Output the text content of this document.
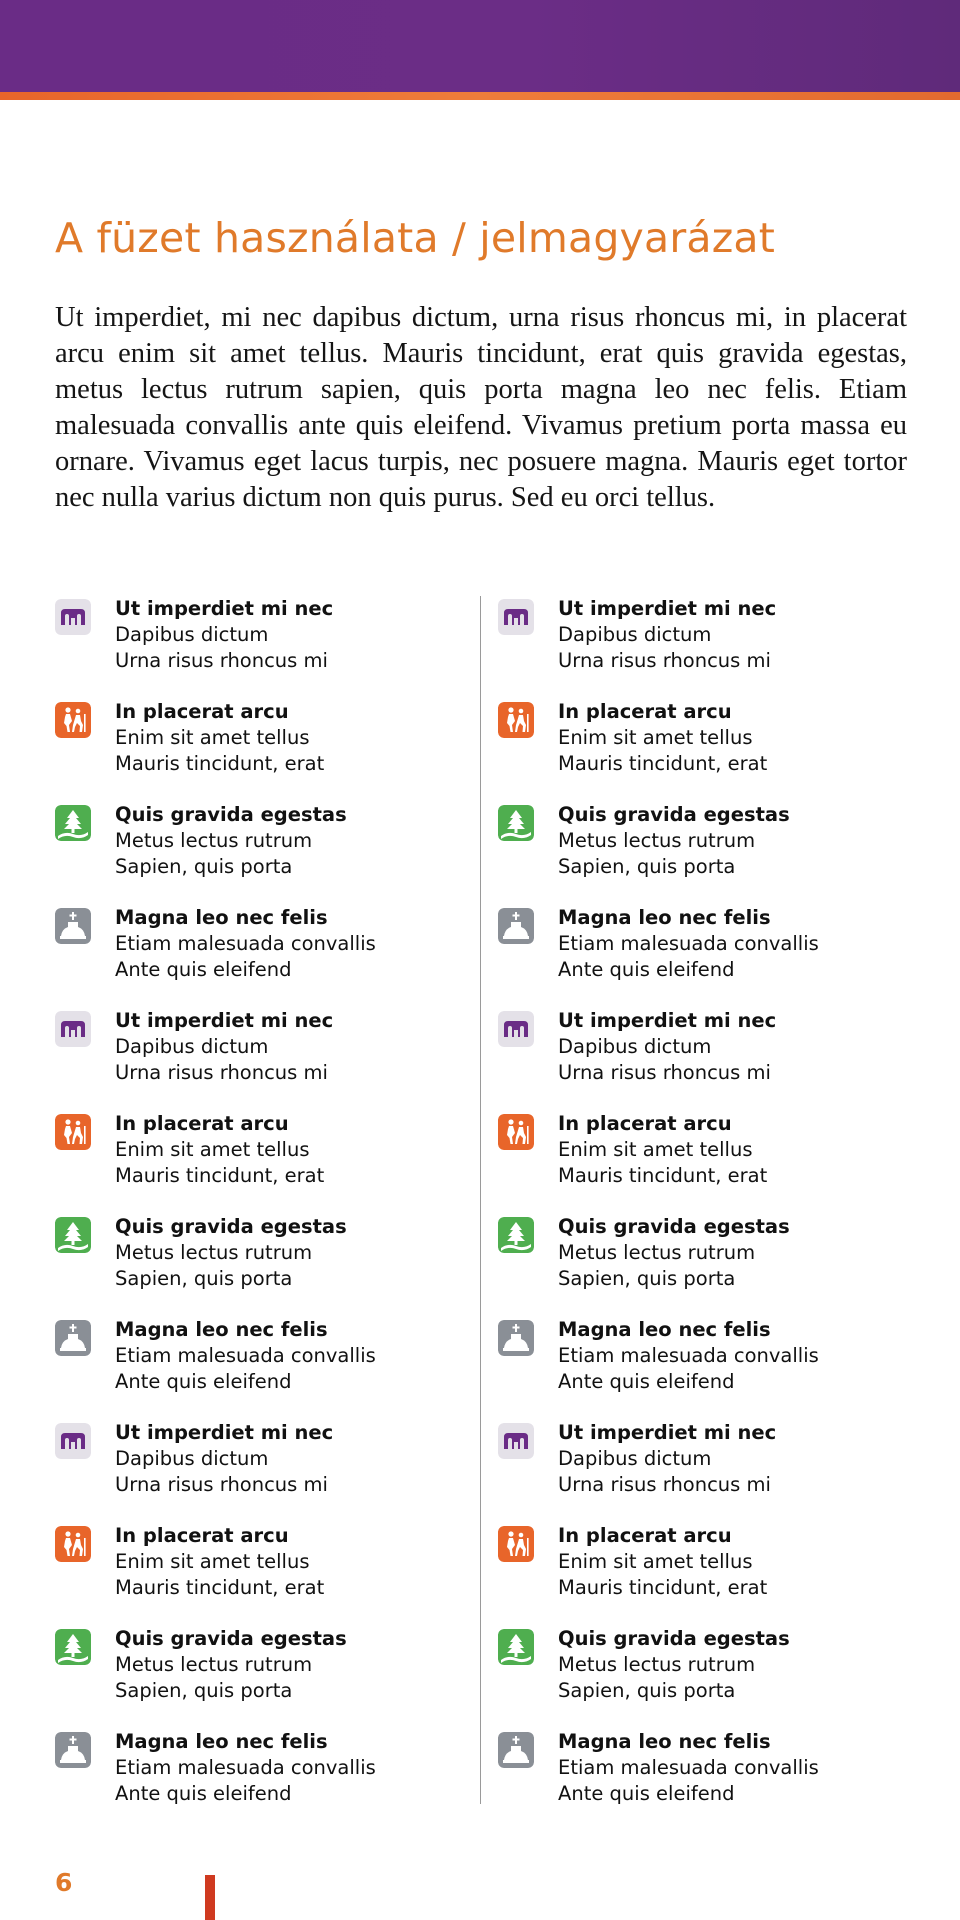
A füzet használata / jelmagyarázat

Ut imperdiet, mi nec dapibus dictum, urna risus rhoncus mi, in placerat arcu enim sit amet tellus. Mauris tincidunt, erat quis gravida egestas, metus lectus rutrum sapien, quis porta magna leo nec felis. Etiam malesuada convallis ante quis eleifend. Vivamus pretium porta massa eu ornare. Vivamus eget lacus turpis, nec posuere magna. Mauris eget tortor nec nulla varius dictum non quis purus. Sed eu orci tellus.

Ut imperdiet mi nec
Dapibus dictum
Urna risus rhoncus mi
In placerat arcu
Enim sit amet tellus
Mauris tincidunt, erat
Quis gravida egestas
Metus lectus rutrum
Sapien, quis porta
Magna leo nec felis
Etiam malesuada convallis
Ante quis eleifend
Ut imperdiet mi nec
Dapibus dictum
Urna risus rhoncus mi
In placerat arcu
Enim sit amet tellus
Mauris tincidunt, erat
Quis gravida egestas
Metus lectus rutrum
Sapien, quis porta
Magna leo nec felis
Etiam malesuada convallis
Ante quis eleifend
Ut imperdiet mi nec
Dapibus dictum
Urna risus rhoncus mi
In placerat arcu
Enim sit amet tellus
Mauris tincidunt, erat
Quis gravida egestas
Metus lectus rutrum
Sapien, quis porta
Magna leo nec felis
Etiam malesuada convallis
Ante quis eleifend
Ut imperdiet mi nec
Dapibus dictum
Urna risus rhoncus mi
In placerat arcu
Enim sit amet tellus
Mauris tincidunt, erat
Quis gravida egestas
Metus lectus rutrum
Sapien, quis porta
Magna leo nec felis
Etiam malesuada convallis
Ante quis eleifend
Ut imperdiet mi nec
Dapibus dictum
Urna risus rhoncus mi
In placerat arcu
Enim sit amet tellus
Mauris tincidunt, erat
Quis gravida egestas
Metus lectus rutrum
Sapien, quis porta
Magna leo nec felis
Etiam malesuada convallis
Ante quis eleifend
Ut imperdiet mi nec
Dapibus dictum
Urna risus rhoncus mi
In placerat arcu
Enim sit amet tellus
Mauris tincidunt, erat
Quis gravida egestas
Metus lectus rutrum
Sapien, quis porta
Magna leo nec felis
Etiam malesuada convallis
Ante quis eleifend
6
